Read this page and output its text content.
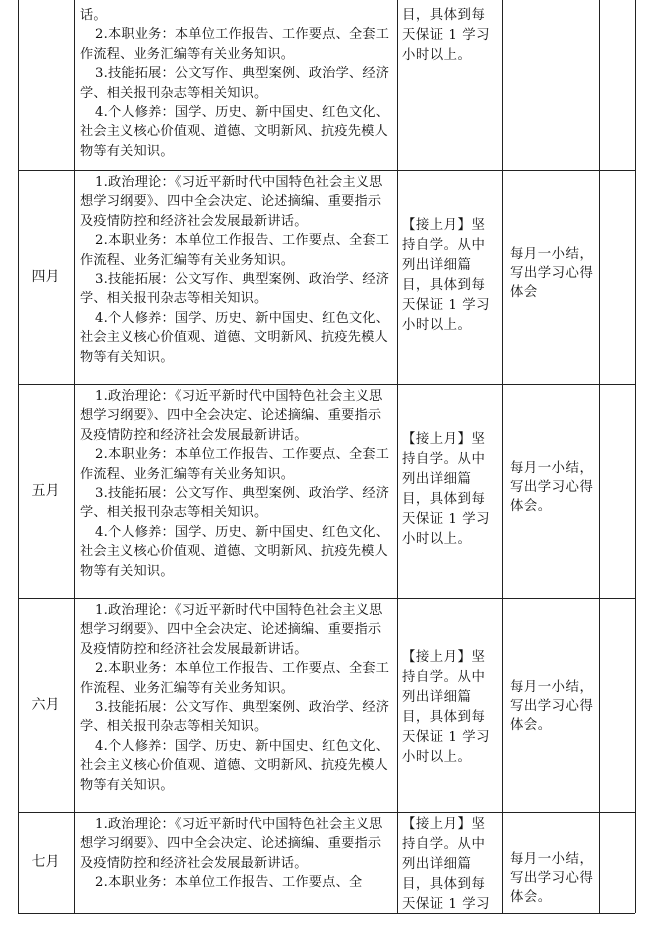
话。

2.本职业务：本单位工作报告、工作要点、全套工作流程、业务汇编等有关业务知识。

3.技能拓展：公文写作、典型案例、政治学、经济学、相关报刊杂志等相关知识。

4.个人修养：国学、历史、新中国史、红色文化、社会主义核心价值观、道德、文明新风、抗疫先模人物等有关知识。

目，具体到每天保证 1 学习小时以上。
四月

1.政治理论：《习近平新时代中国特色社会主义思想学习纲要》、四中全会决定、论述摘编、重要指示及疫情防控和经济社会发展最新讲话。

2.本职业务：本单位工作报告、工作要点、全套工作流程、业务汇编等有关业务知识。

3.技能拓展：公文写作、典型案例、政治学、经济学、相关报刊杂志等相关知识。

4.个人修养：国学、历史、新中国史、红色文化、社会主义核心价值观、道德、文明新风、抗疫先模人物等有关知识。

【接上月】坚持自学。从中列出详细篇目，具体到每天保证 1 学习小时以上。
每月一小结，写出学习心得体会
五月

1.政治理论：《习近平新时代中国特色社会主义思想学习纲要》、四中全会决定、论述摘编、重要指示及疫情防控和经济社会发展最新讲话。

2.本职业务：本单位工作报告、工作要点、全套工作流程、业务汇编等有关业务知识。

3.技能拓展：公文写作、典型案例、政治学、经济学、相关报刊杂志等相关知识。

4.个人修养：国学、历史、新中国史、红色文化、社会主义核心价值观、道德、文明新风、抗疫先模人物等有关知识。

【接上月】坚持自学。从中列出详细篇目，具体到每天保证 1 学习小时以上。
每月一小结，写出学习心得体会。
六月

1.政治理论：《习近平新时代中国特色社会主义思想学习纲要》、四中全会决定、论述摘编、重要指示及疫情防控和经济社会发展最新讲话。

2.本职业务：本单位工作报告、工作要点、全套工作流程、业务汇编等有关业务知识。

3.技能拓展：公文写作、典型案例、政治学、经济学、相关报刊杂志等相关知识。

4.个人修养：国学、历史、新中国史、红色文化、社会主义核心价值观、道德、文明新风、抗疫先模人物等有关知识。

【接上月】坚持自学。从中列出详细篇目，具体到每天保证 1 学习小时以上。
每月一小结，写出学习心得体会。
七月

1.政治理论：《习近平新时代中国特色社会主义思想学习纲要》、四中全会决定、论述摘编、重要指示及疫情防控和经济社会发展最新讲话。

2.本职业务：本单位工作报告、工作要点、全

【接上月】坚持自学。从中列出详细篇目，具体到每天保证 1 学习
每月一小结，写出学习心得体会。
